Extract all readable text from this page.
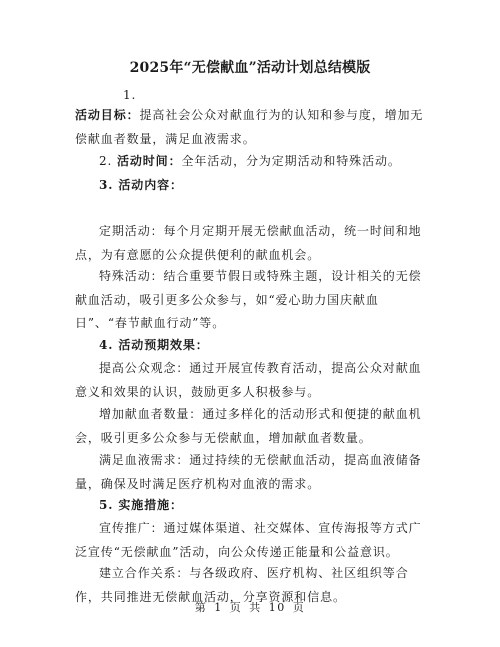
2025年“无偿献血”活动计划总结模版
1.
活动目标：提高社会公众对献血行为的认知和参与度，增加无偿献血者数量，满足血液需求。
2. 活动时间：全年活动，分为定期活动和特殊活动。
3. 活动内容：
定期活动：每个月定期开展无偿献血活动，统一时间和地点，为有意愿的公众提供便利的献血机会。
特殊活动：结合重要节假日或特殊主题，设计相关的无偿献血活动，吸引更多公众参与，如“爱心助力国庆献血日”、“春节献血行动”等。
4. 活动预期效果：
提高公众观念：通过开展宣传教育活动，提高公众对献血意义和效果的认识，鼓励更多人积极参与。
增加献血者数量：通过多样化的活动形式和便捷的献血机会，吸引更多公众参与无偿献血，增加献血者数量。
满足血液需求：通过持续的无偿献血活动，提高血液储备量，确保及时满足医疗机构对血液的需求。
5. 实施措施：
宣传推广：通过媒体渠道、社交媒体、宣传海报等方式广泛宣传“无偿献血”活动，向公众传递正能量和公益意识。
建立合作关系：与各级政府、医疗机构、社区组织等合作，共同推进无偿献血活动，分享资源和信息。
第 1 页 共 10 页
